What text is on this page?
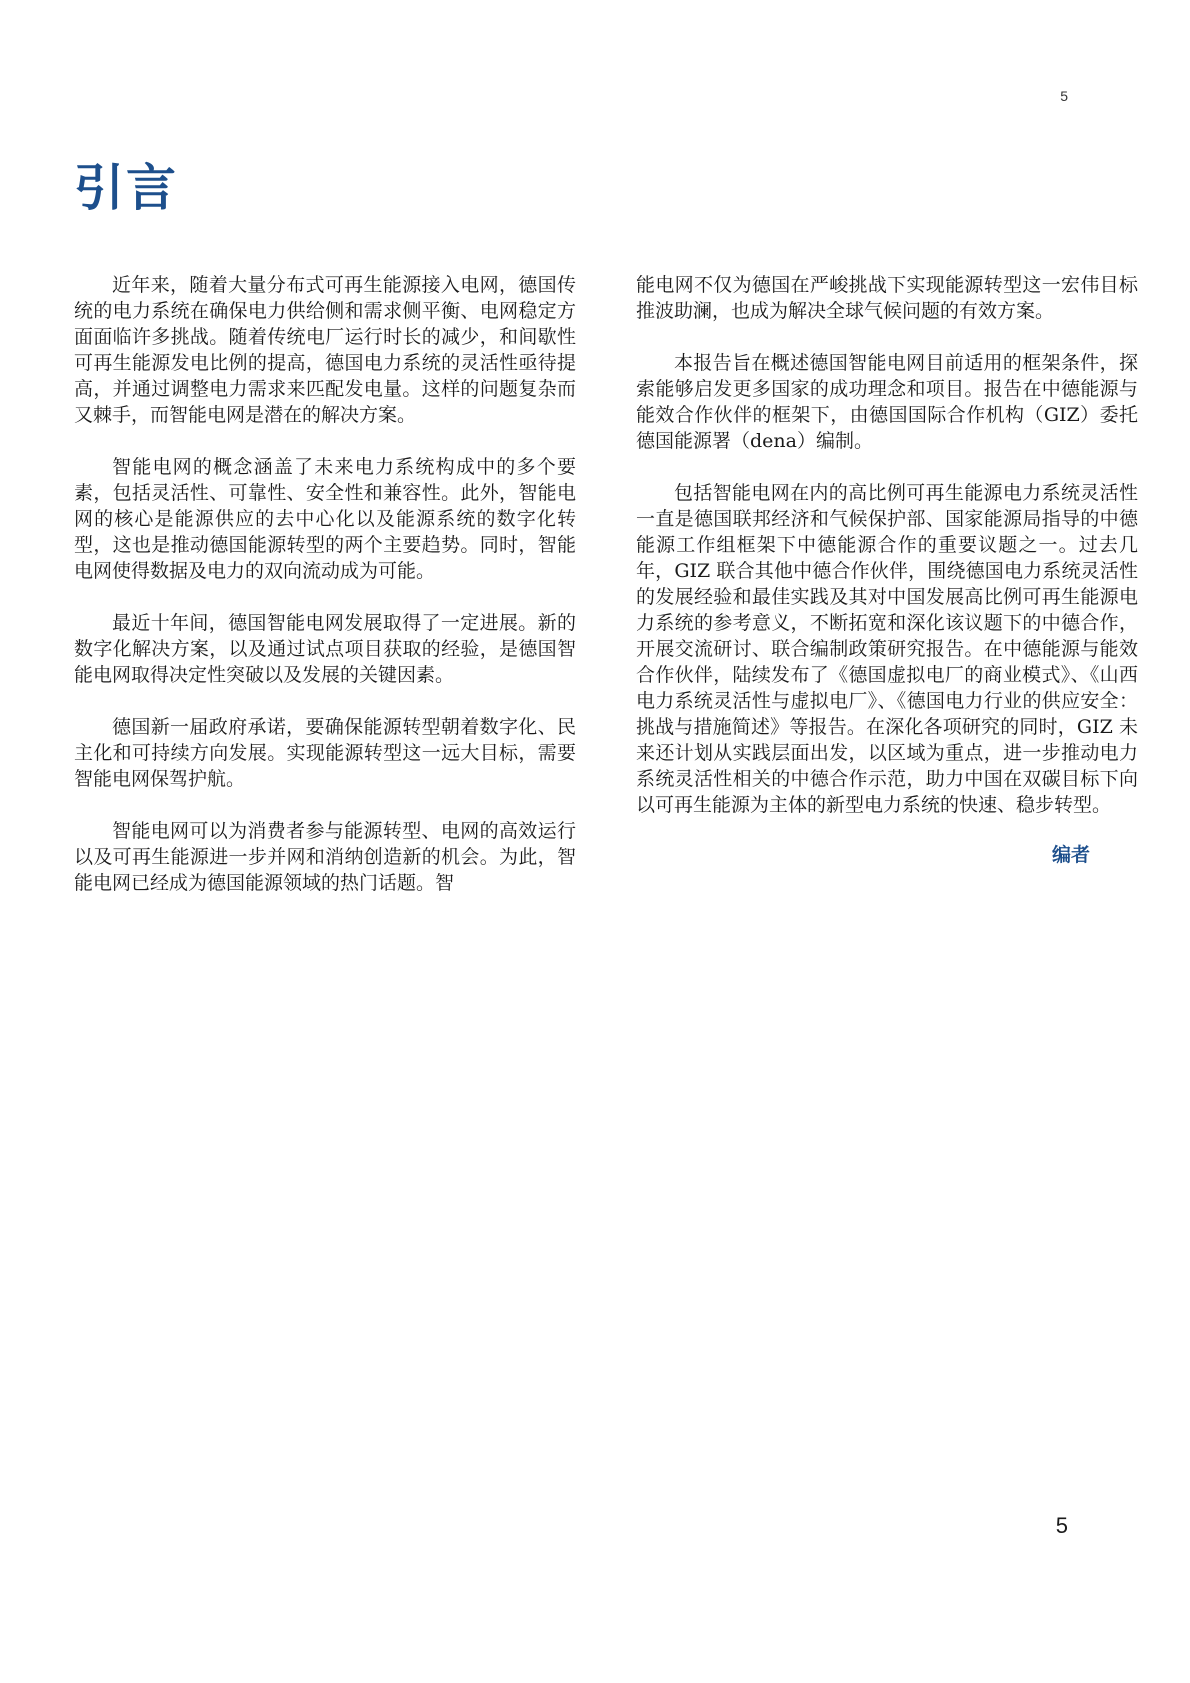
5
引言

近年来，随着大量分布式可再生能源接入电网，德国传统的电力系统在确保电力供给侧和需求侧平衡、电网稳定方面面临许多挑战。随着传统电厂运行时长的减少，和间歇性可再生能源发电比例的提高，德国电力系统的灵活性亟待提高，并通过调整电力需求来匹配发电量。这样的问题复杂而又棘手，而智能电网是潜在的解决方案。

智能电网的概念涵盖了未来电力系统构成中的多个要素，包括灵活性、可靠性、安全性和兼容性。此外，智能电网的核心是能源供应的去中心化以及能源系统的数字化转型，这也是推动德国能源转型的两个主要趋势。同时，智能电网使得数据及电力的双向流动成为可能。

最近十年间，德国智能电网发展取得了一定进展。新的数字化解决方案，以及通过试点项目获取的经验，是德国智能电网取得决定性突破以及发展的关键因素。

德国新一届政府承诺，要确保能源转型朝着数字化、民主化和可持续方向发展。实现能源转型这一远大目标，需要智能电网保驾护航。

智能电网可以为消费者参与能源转型、电网的高效运行以及可再生能源进一步并网和消纳创造新的机会。为此，智能电网已经成为德国能源领域的热门话题。智

能电网不仅为德国在严峻挑战下实现能源转型这一宏伟目标推波助澜，也成为解决全球气候问题的有效方案。

本报告旨在概述德国智能电网目前适用的框架条件，探索能够启发更多国家的成功理念和项目。报告在中德能源与能效合作伙伴的框架下，由德国国际合作机构（GIZ）委托德国能源署（dena）编制。

包括智能电网在内的高比例可再生能源电力系统灵活性一直是德国联邦经济和气候保护部、国家能源局指导的中德能源工作组框架下中德能源合作的重要议题之一。过去几年，GIZ 联合其他中德合作伙伴，围绕德国电力系统灵活性的发展经验和最佳实践及其对中国发展高比例可再生能源电力系统的参考意义，不断拓宽和深化该议题下的中德合作，开展交流研讨、联合编制政策研究报告。在中德能源与能效合作伙伴，陆续发布了《德国虚拟电厂的商业模式》、《山西电力系统灵活性与虚拟电厂》、《德国电力行业的供应安全：挑战与措施简述》等报告。在深化各项研究的同时，GIZ 未来还计划从实践层面出发，以区域为重点，进一步推动电力系统灵活性相关的中德合作示范，助力中国在双碳目标下向以可再生能源为主体的新型电力系统的快速、稳步转型。

编者
5
